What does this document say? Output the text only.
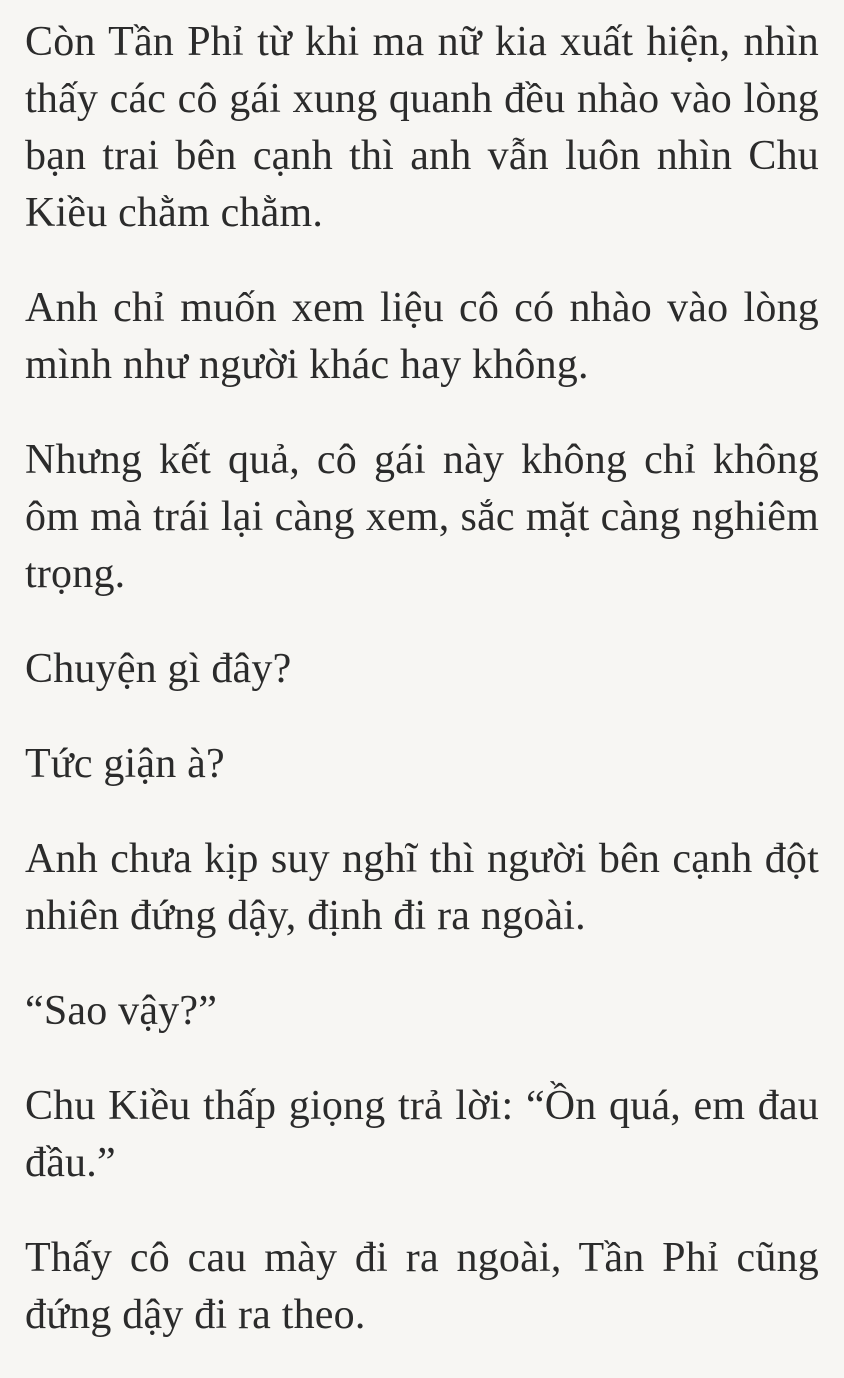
Còn Tần Phỉ từ khi ma nữ kia xuất hiện, nhìn thấy các cô gái xung quanh đều nhào vào lòng bạn trai bên cạnh thì anh vẫn luôn nhìn Chu Kiều chằm chằm.

Anh chỉ muốn xem liệu cô có nhào vào lòng mình như người khác hay không.

Nhưng kết quả, cô gái này không chỉ không ôm mà trái lại càng xem, sắc mặt càng nghiêm trọng.

Chuyện gì đây?

Tức giận à?

Anh chưa kịp suy nghĩ thì người bên cạnh đột nhiên đứng dậy, định đi ra ngoài.

“Sao vậy?”

Chu Kiều thấp giọng trả lời: “Ồn quá, em đau đầu.”

Thấy cô cau mày đi ra ngoài, Tần Phỉ cũng đứng dậy đi ra theo.
